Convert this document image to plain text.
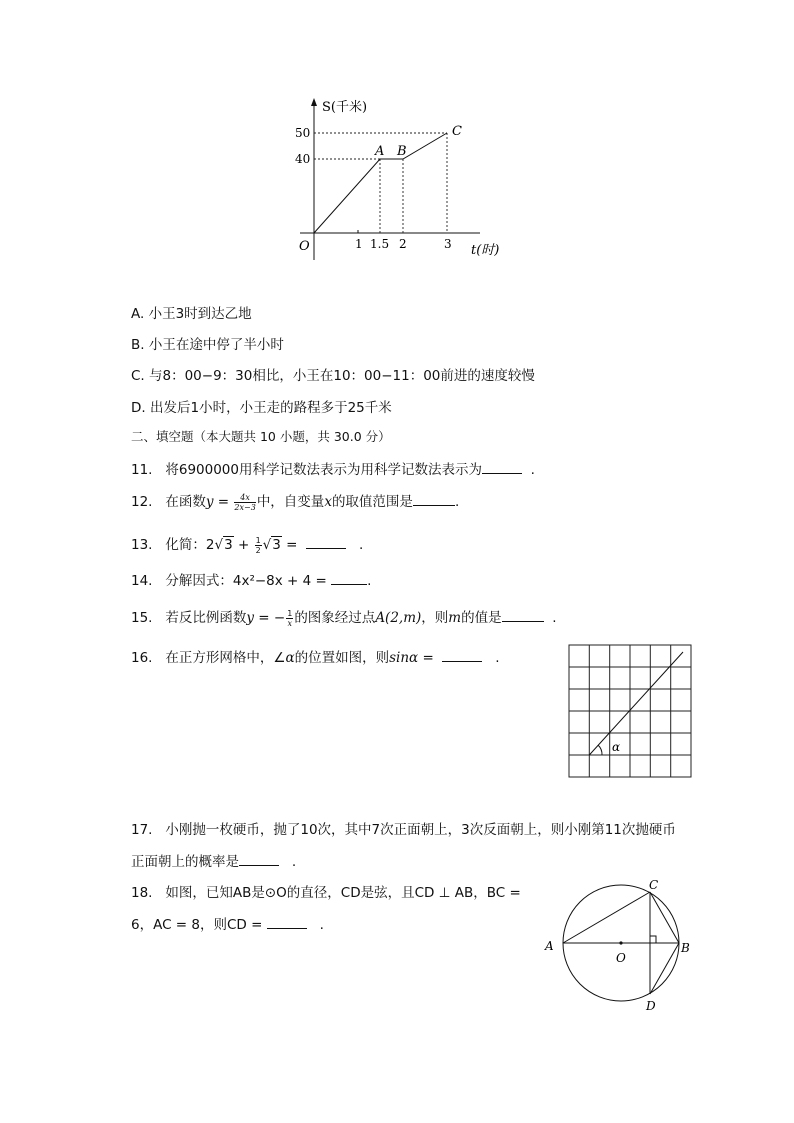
S(千米)
t(时)
O
50
40
1 1.5 2	3
A B
C
A. 小王3时到达乙地
B. 小王在途中停了半小时
C. 与8：00−9：30相比，小王在10：00−11：00前进的速度较慢
D. 出发后1小时，小王走的路程多于25千米
二、填空题（本大题共 10 小题，共 30.0 分）
11. 将6900000用科学记数法表示为用科学记数法表示为	.
12. 在函数$y = \frac{4x}{2x-3}$ 中，自变量x的取值范围是	.
13. 化简：$2√3 + \frac{1}{2} √3$ =	.
14. 分解因式：4x²−8x + 4 =	.
15. 若反比例函数y = − $\frac{1}{x}$ 的图象经过点A(2,m)，则m的值是	.
16. 在正方形网格中，∠α的位置如图，则sinα =	.
α
17. 小刚抛一枚硬币，抛了10次，其中7次正面朝上，3次反面朝上，则小刚第11次抛硬币
正面朝上的概率是	.
18. 如图，已知AB是⊙O的直径，CD是弦，且CD ⊥ AB，BC =
6，AC = 8，则CD =	.
A	B
C
D
O
